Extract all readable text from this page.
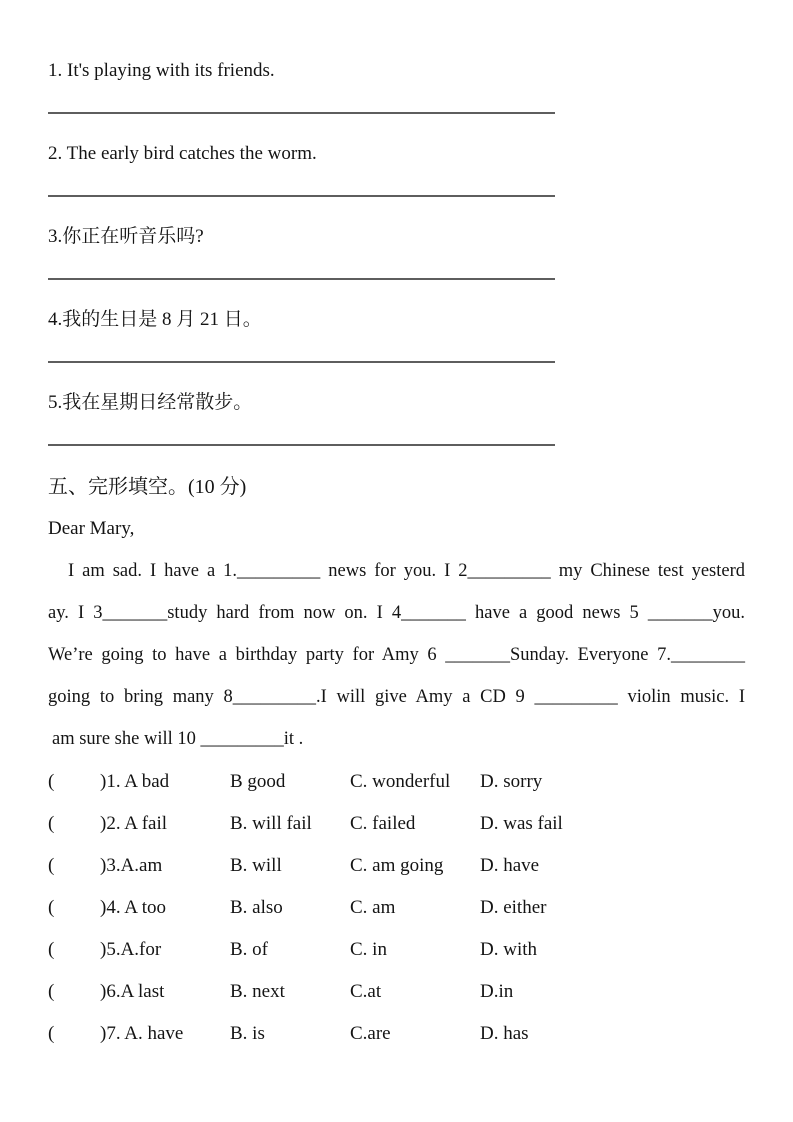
1. It's playing with its friends.
2. The early bird catches the worm.
3.你正在听音乐吗?
4.我的生日是 8 月 21 日。
5.我在星期日经常散步。
五、完形填空。(10 分)
Dear Mary,
I am sad. I have a 1._________ news for you. I 2_________ my Chinese test yesterd
ay. I 3_______study hard from now on. I 4_______ have a good news 5 _______you.
We’re going to have a birthday party for Amy 6 _______Sunday. Everyone 7.________
going to bring many 8_________.I will give Amy a CD 9 _________ violin music. I
am sure she will 10 _________it .
(	)1. A bad	B good	C. wonderful	D. sorry
(	)2. A fail	B. will fail	C. failed	D. was fail
(	)3.A.am	B. will	C. am going	D. have
(	)4. A too	B. also	C. am	D. either
(	)5.A.for	B. of	C. in	D. with
(	)6.A last	B. next	C.at	D.in
(	)7. A. have	B. is	C.are	D. has
